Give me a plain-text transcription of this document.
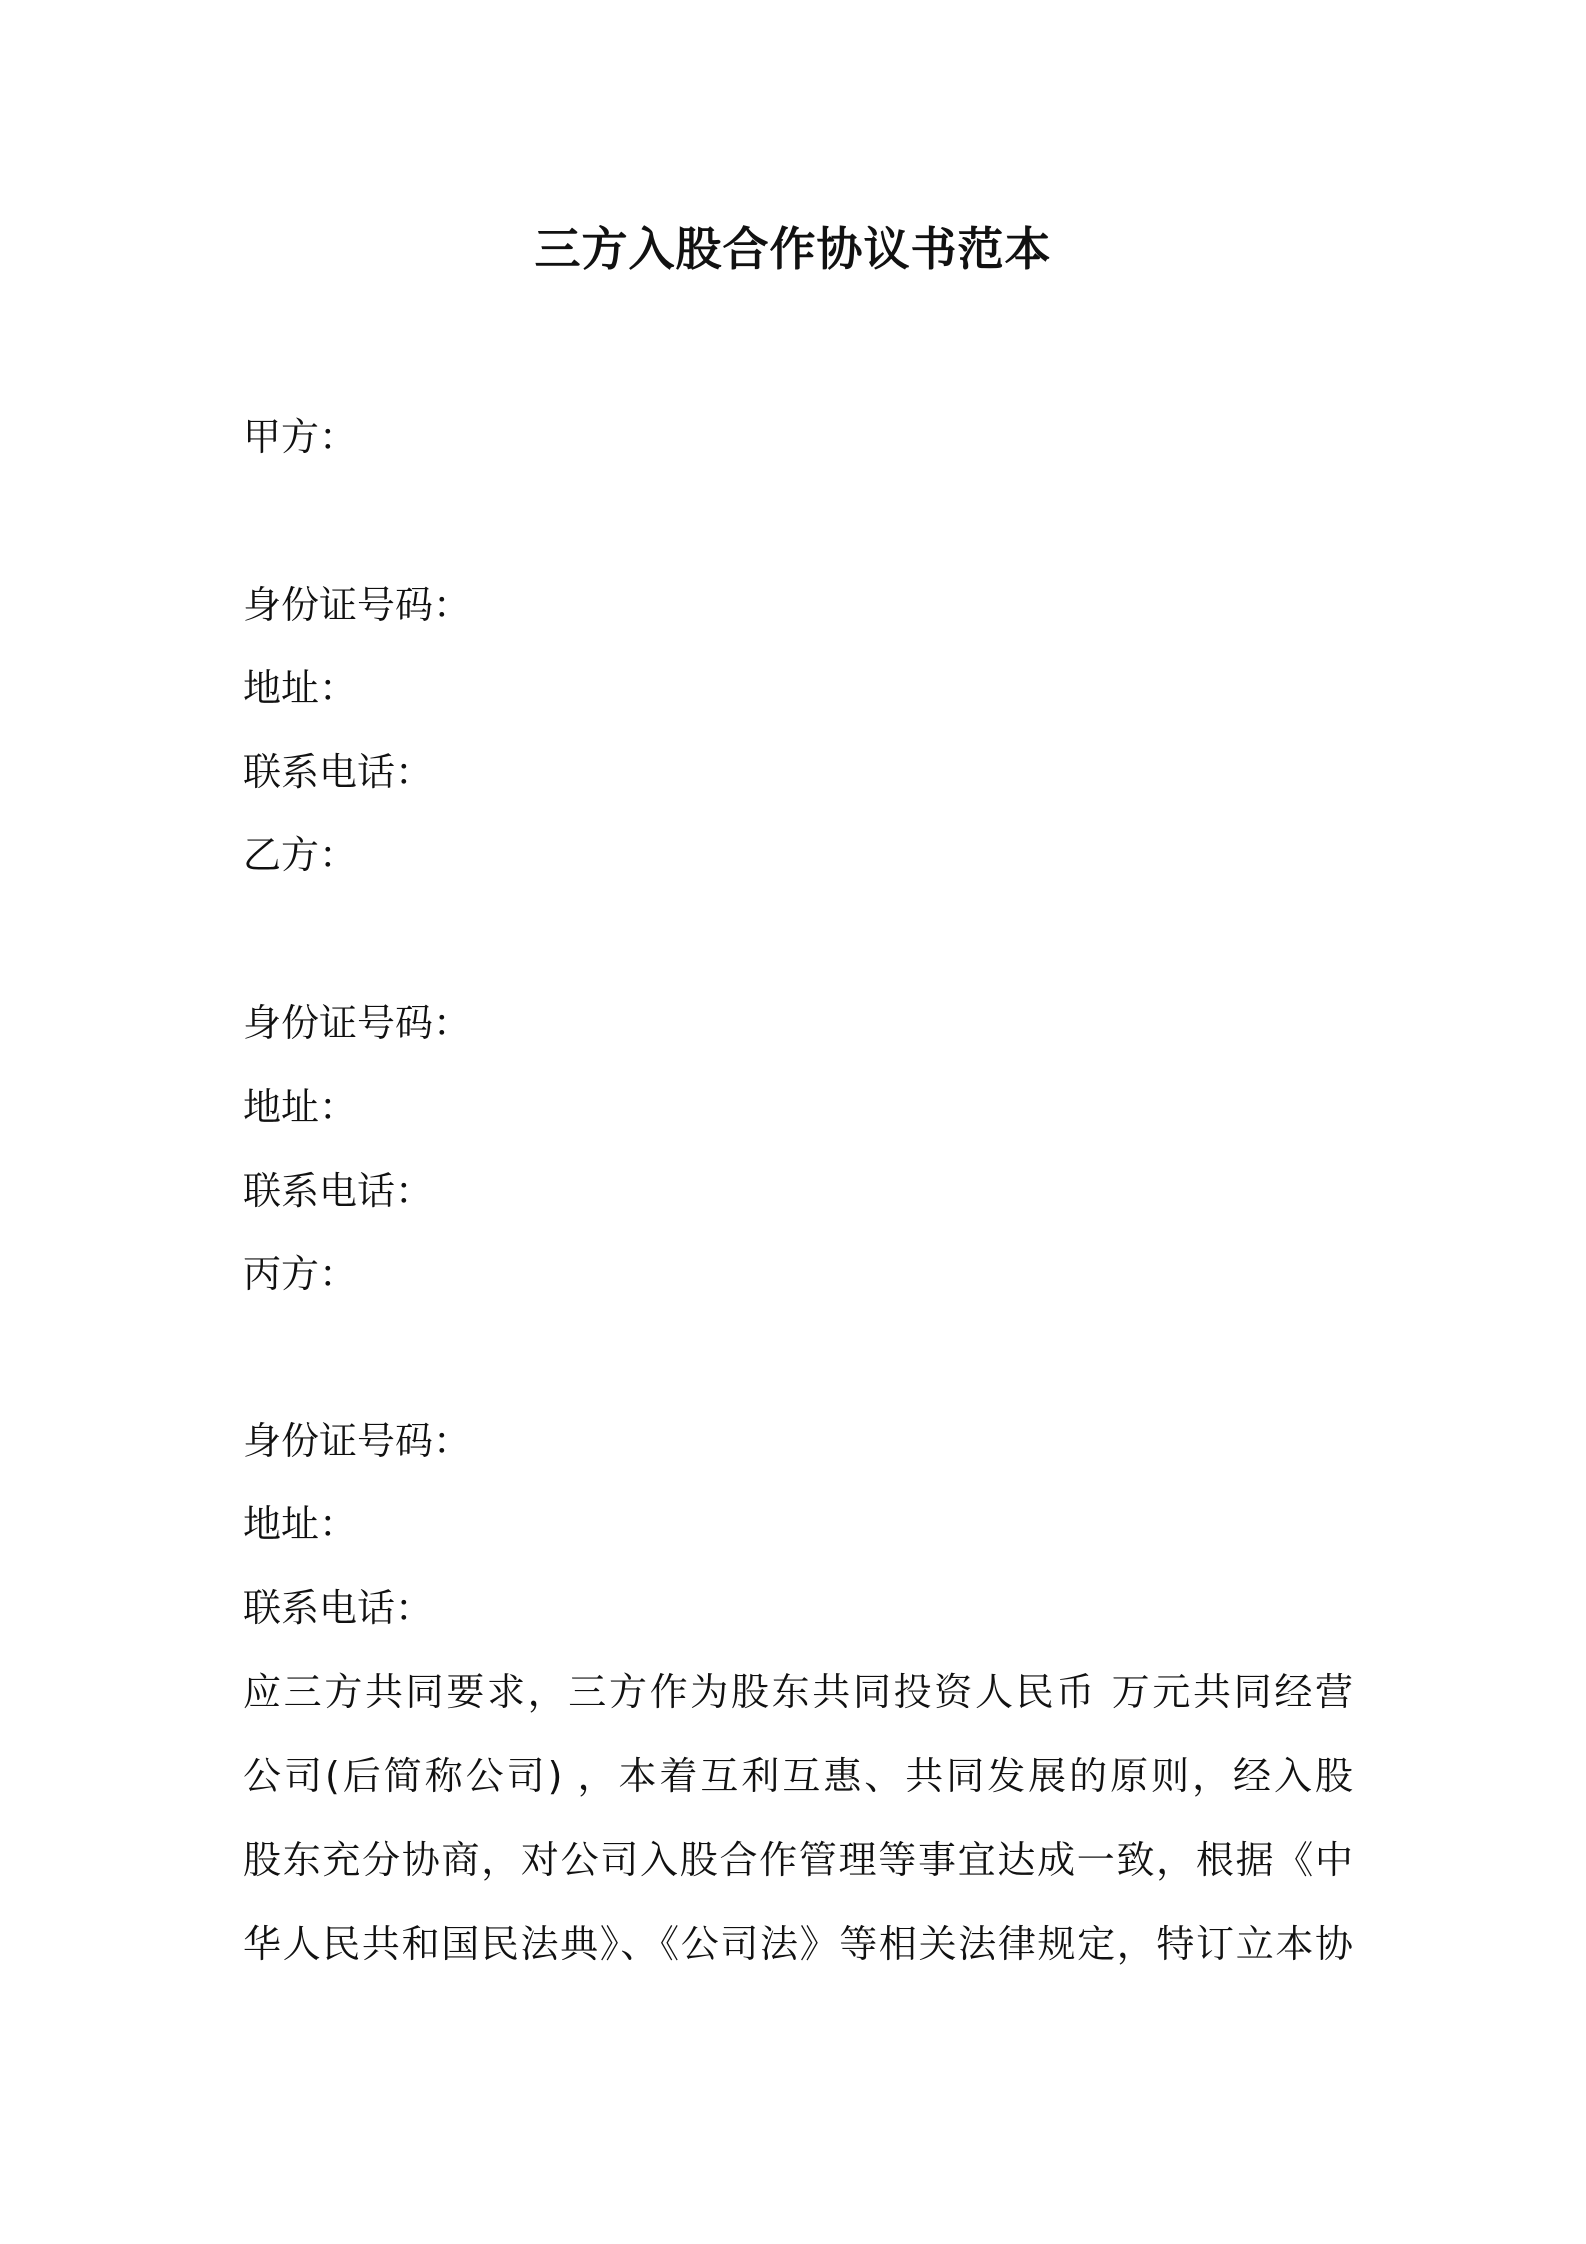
三方入股合作协议书范本
甲方：
身份证号码：
地址：
联系电话：
乙方：
身份证号码：
地址：
联系电话：
丙方：
身份证号码：
地址：
联系电话：
应三方共同要求，三方作为股东共同投资人民币 万元共同经营
公司(后简称公司) ，本着互利互惠、共同发展的原则，经入股
股东充分协商，对公司入股合作管理等事宜达成一致，根据《中
华人民共和国民法典》、《公司法》等相关法律规定，特订立本协
